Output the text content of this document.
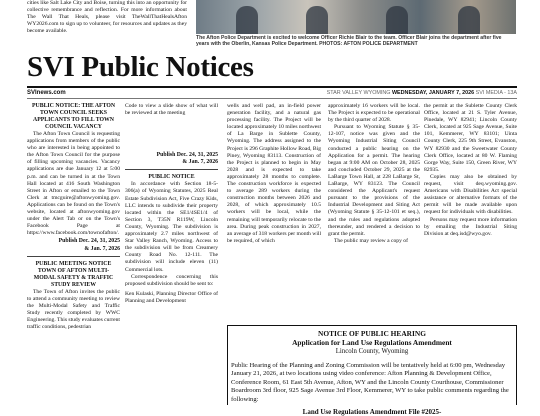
cities like Salt Lake City and Boise, turning this into an opportunity for collective remembrance and reflection. For more information about The Wall That Heals, please visit TheWallThatHealsAfton WY2026.com to sign up to volunteer, for resources and updates as they become available.
The Afton Police Department is excited to welcome Officer Richie Blair to the team. Officer Blair joins the department after five years with the Oberlin, Kansas Police Department. PHOTOS: AFTON POLICE DEPARTMENT
SVI Public Notices
SVInews.com	STAR VALLEY WYOMING WEDNESDAY, JANUARY 7, 2026 SVI MEDIA - 13A
PUBLIC NOTICE: THE AFTON TOWN COUNCIL SEEKS APPLICANTS TO FILL TOWN COUNCIL VACANCY
The Afton Town Council is requesting applications from members of the public who are interested in being appointed to the Afton Town Council for the purpose of filling upcoming vacancies. Vacancy applications are due January 12 at 5:00 p.m. and can be turned in at the Town Hall located at 416 South Washington Street in Afton or emailed to the Town Clerk at tmcguire@aftonwyoming.gov. Applications can be found on the Town's website, located at aftonwyoming.gov under the Alert Tab or on the Town's Facebook Page at https://www.facebook.com/townofafton/.
Publish Dec. 24, 31, 2025
& Jan. 7, 2026
PUBLIC MEETING NOTICE TOWN OF AFTON MULTI-MODAL SAFETY & TRAFFIC STUDY REVIEW
The Town of Afton invites the public to attend a community meeting to review the Multi-Modal Safety and Traffic Study recently completed by WWC Engineering. This study evaluates current traffic conditions, pedestrian
Code to view a slide show of what will be reviewed at the meeting
Publish Dec. 24, 31, 2025
& Jan. 7, 2026
PUBLIC NOTICE
In accordance with Section 18-5-306(a) of Wyoming Statutes, 2025 Real Estate Subdivision Act, Five Crazy Kids, LLC intends to subdivide their property located within the SE1/4SE1/4 of Section 3, T35N R119W, Lincoln County, Wyoming. The subdivision is approximately 2.7 miles northwest of Star Valley Ranch, Wyoming. Access to the subdivision will be from Creamery County Road No. 12-111. The subdivision will include eleven (11) Commercial lots.
Correspondence concerning this proposed subdivision should be sent to:
Ken Kulaski, Planning Director Office of Planning and Development
wells and well pad, an in-field power generation facility, and a natural gas processing facility. The Project will be located approximately 10 miles northwest of La Barge in Sublette County, Wyoming. The address assigned to the Project is 296 Graphite Hollow Road, Big Piney, Wyoming 83113. Construction of the Project is planned to begin in May 2028 and is expected to take approximately 28 months to complete. The construction workforce is expected to average 289 workers during the construction months between 2026 and 2028, of which approximately 10.5 workers will be local, while the remaining will temporarily relocate to the area. During peak construction in 2027, an average of 318 workers per month will be required, of which
approximately 16 workers will be local. The Project is expected to be operational by the third quarter of 2028.
Pursuant to Wyoming Statute § 35-12-107, notice was given and the Wyoming Industrial Siting Council conducted a public hearing on the Application for a permit. The hearing began at 9:00 AM on October 28, 2025 and concluded October 29, 2025 at the LaBarge Town Hall, at 228 LaBarge St, LaBarge, WY 83123. The Council considered the Applicant's request pursuant to the provisions of the Industrial Development and Siting Act (Wyoming Statute § 35-12-101 et seq.), and the rules and regulations adopted thereunder, and rendered a decision to grant the permit.
The public may review a copy of
the permit at the Sublette County Clerk Office, located at 21 S. Tyler Avenue, Pinedale, WY 82941; Lincoln County Clerk, located at 925 Sage Avenue, Suite 101, Kemmerer, WY 83101; Uinta County Clerk, 225 9th Street, Evanston, WY 82930 and the Sweetwater County Clerk Office, located at 80 W. Flaming Gorge Way, Suite 150, Green River, WY 82935.
Copies may also be obtained by request, visit deq.wyoming.gov. Americans with Disabilities Act special assistance or alternative formats of the permit will be made available upon request for individuals with disabilities.
Persons may request more information by emailing the Industrial Siting Division at deq.isd@wyo.gov.
NOTICE OF PUBLIC HEARING
Application for Land Use Regulations Amendment
Lincoln County, Wyoming
Public Hearing of the Planning and Zoning Commission will be tentatively held at 6:00 pm, Wednesday January 21, 2026, at two locations using video conference: Afton Planning & Development Office, Conference Room, 61 East 5th Avenue, Afton, WY and the Lincoln County Courthouse, Commissioner Boardroom 3rd floor, 925 Sage Avenue 3rd Floor, Kemmerer, WY to take public comments regarding the following:
Land Use Regulations Amendment File #2025-
